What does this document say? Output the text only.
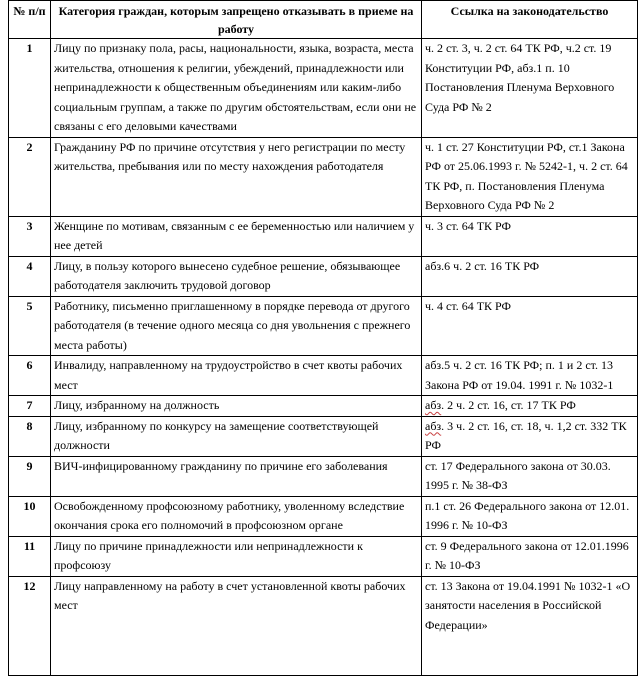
№ п/п	Категория граждан, которым запрещено отказывать в приеме на работу	Ссылка на законодательство
1	Лицу по признаку пола, расы, национальности, языка, возраста, места жительства, отношения к религии, убеждений, принадлежности или непринадлежности к общественным объединениям или каким-либо социальным группам, а также по другим обстоятельствам, если они не связаны с его деловыми качествами	ч. 2 ст. 3, ч. 2 ст. 64 ТК РФ, ч.2 ст. 19 Конституции РФ, абз.1 п. 10 Постановления Пленума Верховного Суда РФ № 2
2	Гражданину РФ по причине отсутствия у него регистрации по месту жительства, пребывания или по месту нахождения работодателя	ч. 1 ст. 27 Конституции РФ, ст.1 Закона РФ от 25.06.1993 г. № 5242-1, ч. 2 ст. 64 ТК РФ, п. Постановления Пленума Верховного Суда РФ № 2
3	Женщине по мотивам, связанным с ее беременностью или наличием у нее детей	ч. 3 ст. 64 ТК РФ
4	Лицу, в пользу которого вынесено судебное решение, обязывающее работодателя заключить трудовой договор	абз.6 ч. 2 ст. 16 ТК РФ
5	Работнику, письменно приглашенному в порядке перевода от другого работодателя (в течение одного месяца со дня увольнения с прежнего места работы)	ч. 4 ст. 64 ТК РФ
6	Инвалиду, направленному на трудоустройство в счет квоты рабочих мест	абз.5 ч. 2 ст. 16 ТК РФ; п. 1 и 2 ст. 13 Закона РФ от 19.04. 1991 г. № 1032-1
7	Лицу, избранному на должность	абз. 2 ч. 2 ст. 16, ст. 17 ТК РФ
8	Лицу, избранному по конкурсу на замещение соответствующей должности	абз. 3 ч. 2 ст. 16, ст. 18, ч. 1,2 ст. 332 ТК РФ
9	ВИЧ-инфицированному гражданину по причине его заболевания	ст. 17 Федерального закона от 30.03. 1995 г. № 38-ФЗ
10	Освобожденному профсоюзному работнику, уволенному вследствие окончания срока его полномочий в профсоюзном органе	п.1 ст. 26 Федерального закона от 12.01. 1996 г. № 10-ФЗ
11	Лицу по причине принадлежности или непринадлежности к профсоюзу	ст. 9 Федерального закона от 12.01.1996 г. № 10-ФЗ
12	Лицу направленному на работу в счет установленной квоты рабочих мест	ст. 13 Закона от 19.04.1991 № 1032-1 «О занятости населения в Российской Федерации»
